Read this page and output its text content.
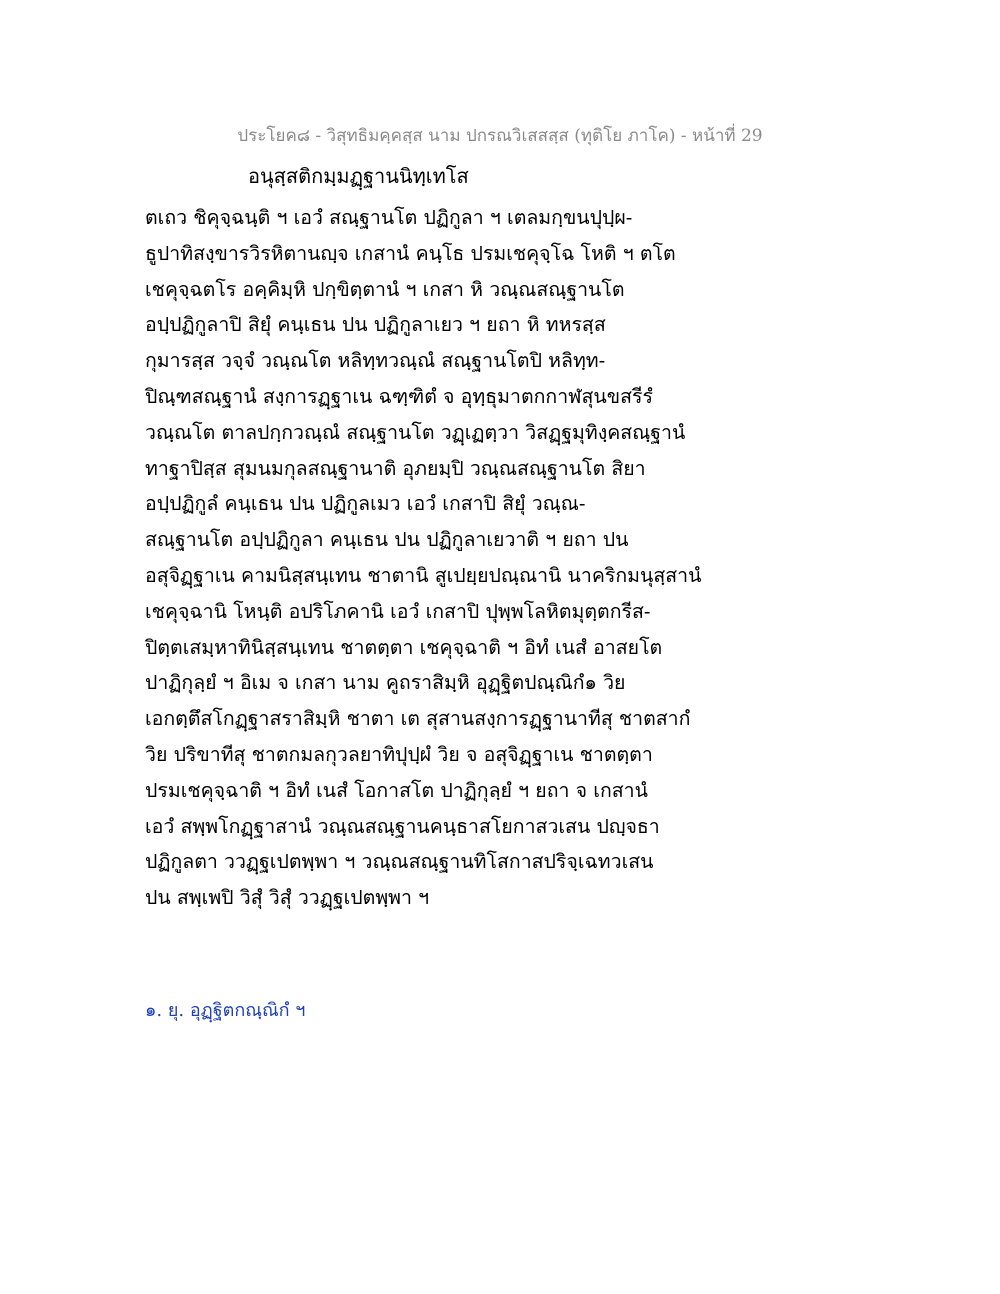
ประโยค๘ - วิสุทธิมคฺคสฺส นาม ปกรณวิเสสสฺส (ทุติโย ภาโค) - หน้าที่ 29
อนุสฺสติกมฺมฏฺฐานนิทฺเทโส
ตเถว ชิคุจฺฉนฺติ ฯ เอวํ สณฺฐานโต ปฏิกูลา ฯ เตลมกฺขนปุปฺผ-
ธูปาทิสงฺขารวิรหิตานญฺจ เกสานํ คนฺโธ ปรมเชคุจฺโฉ โหติ ฯ ตโต
เชคุจฺฉตโร อคฺคิมฺหิ ปกฺขิตฺตานํ ฯ เกสา หิ วณฺณสณฺฐานโต
อปฺปฏิกูลาปิ สิยุํ คนฺเธน ปน ปฏิกูลาเยว ฯ ยถา หิ ทหรสฺส
กุมารสฺส วจฺจํ วณฺณโต หลิทฺทวณฺณํ สณฺฐานโตปิ หลิทฺท-
ปิณฺฑสณฺฐานํ สงฺการฏฺฐาเน ฉฑฺฑิตํ จ อุทฺธุมาตกกาฬสุนขสรีรํ
วณฺณโต ตาลปกฺกวณฺณํ สณฺฐานโต วฏฺเฏตฺวา วิสฏฺฐมุทิงฺคสณฺฐานํ
ทาฐาปิสฺส สุมนมกุลสณฺฐานาติ อุภยมฺปิ วณฺณสณฺฐานโต สิยา
อปฺปฏิกูลํ คนฺเธน ปน ปฏิกูลเมว เอวํ เกสาปิ สิยุํ วณฺณ-
สณฺฐานโต อปฺปฏิกูลา คนฺเธน ปน ปฏิกูลาเยวาติ ฯ ยถา ปน
อสุจิฏฺฐาเน คามนิสฺสนฺเทน ชาตานิ สูเปยฺยปณฺณานิ นาคริกมนุสฺสานํ
เชคุจฺฉานิ โหนฺติ อปริโภคานิ เอวํ เกสาปิ ปุพฺพโลหิตมุตฺตกรีส-
ปิตฺตเสมฺหาทินิสฺสนฺเทน ชาตตฺตา เชคุจฺฉาติ ฯ อิทํ เนสํ อาสยโต
ปาฏิกุลฺยํ ฯ อิเม จ เกสา นาม คูถราสิมฺหิ อุฏฺฐิตปณฺณิกํ๑ วิย
เอกตฺตึสโกฏฺฐาสราสิมฺหิ ชาตา เต สุสานสงฺการฏฺฐานาทีสุ ชาตสากํ
วิย ปริขาทีสุ ชาตกมลกุวลยาทิปุปฺผํ วิย จ อสุจิฏฺฐาเน ชาตตฺตา
ปรมเชคุจฺฉาติ ฯ อิทํ เนสํ โอกาสโต ปาฏิกุลฺยํ ฯ ยถา จ เกสานํ
เอวํ สพฺพโกฏฺฐาสานํ วณฺณสณฺฐานคนฺธาสโยกาสวเสน ปญฺจธา
ปฏิกูลตา ววฏฺฐเปตพฺพา ฯ วณฺณสณฺฐานทิโสกาสปริจฺเฉทวเสน
ปน สพฺเพปิ วิสุํ วิสุํ ววฏฺฐเปตพฺพา ฯ
๑. ยุ. อุฏฺฐิตกณฺณิกํ ฯ
